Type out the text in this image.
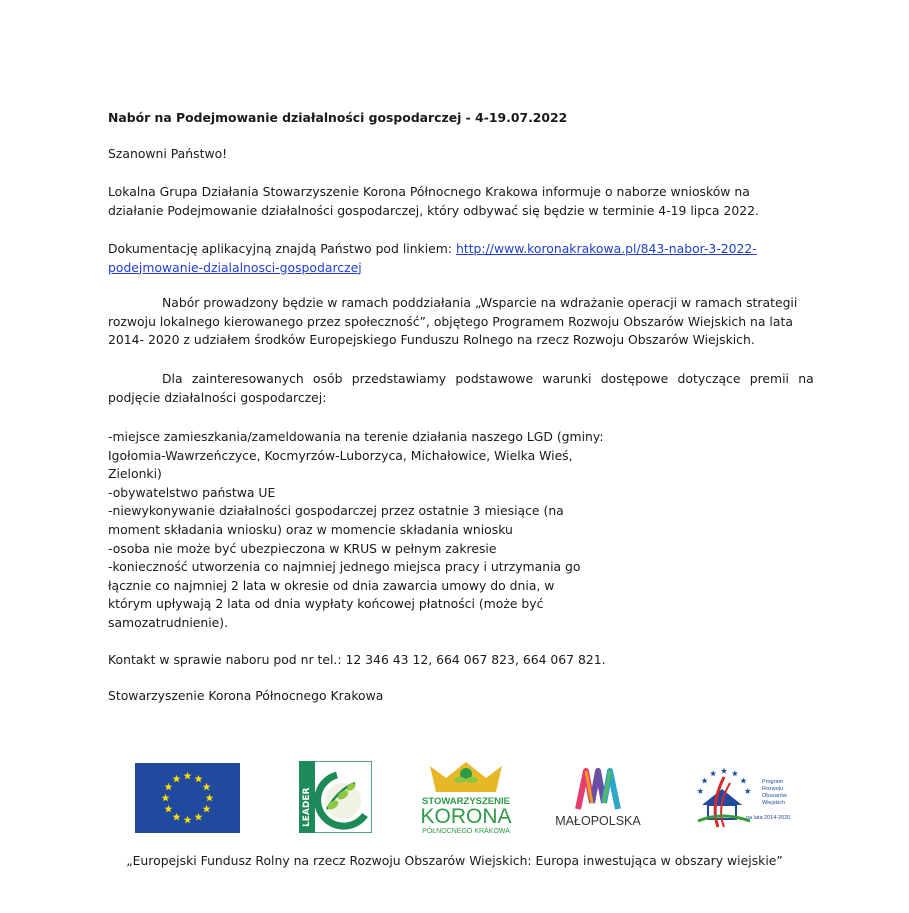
Nabór na Podejmowanie działalności gospodarczej - 4-19.07.2022
Szanowni Państwo!
Lokalna Grupa Działania Stowarzyszenie Korona Północnego Krakowa informuje o naborze wniosków na
działanie Podejmowanie działalności gospodarczej, który odbywać się będzie w terminie 4-19 lipca 2022.
Dokumentację aplikacyjną znajdą Państwo pod linkiem: http://www.koronakrakowa.pl/843-nabor-3-2022-
podejmowanie-dzialalnosci-gospodarczej
Nabór prowadzony będzie w ramach poddziałania „Wsparcie na wdrażanie operacji w ramach strategii
rozwoju lokalnego kierowanego przez społeczność”, objętego Programem Rozwoju Obszarów Wiejskich na lata
2014- 2020 z udziałem środków Europejskiego Funduszu Rolnego na rzecz Rozwoju Obszarów Wiejskich.
Dla zainteresowanych osób przedstawiamy podstawowe warunki dostępowe dotyczące premii na
podjęcie działalności gospodarczej:
-miejsce zamieszkania/zameldowania na terenie działania naszego LGD (gminy:
Igołomia-Wawrzeńczyce, Kocmyrzów-Luborzyca, Michałowice, Wielka Wieś,
Zielonki)
-obywatelstwo państwa UE
-niewykonywanie działalności gospodarczej przez ostatnie 3 miesiące (na
moment składania wniosku) oraz w momencie składania wniosku
-osoba nie może być ubezpieczona w KRUS w pełnym zakresie
-konieczność utworzenia co najmniej jednego miejsca pracy i utrzymania go
łącznie co najmniej 2 lata w okresie od dnia zawarcia umowy do dnia, w
którym upływają 2 lata od dnia wypłaty końcowej płatności (może być
samozatrudnienie).
Kontakt w sprawie naboru pod nr tel.: 12 346 43 12, 664 067 823, 664 067 821.
Stowarzyszenie Korona Północnego Krakowa
LEADER	STOWARZYSZENIE
KORONA
PÓŁNOCNEGO KRAKOWA
MAŁOPOLSKA
Program
Rozwoju
Obszarów
Wiejskich
na lata 2014-2020
„Europejski Fundusz Rolny na rzecz Rozwoju Obszarów Wiejskich: Europa inwestująca w obszary wiejskie”
